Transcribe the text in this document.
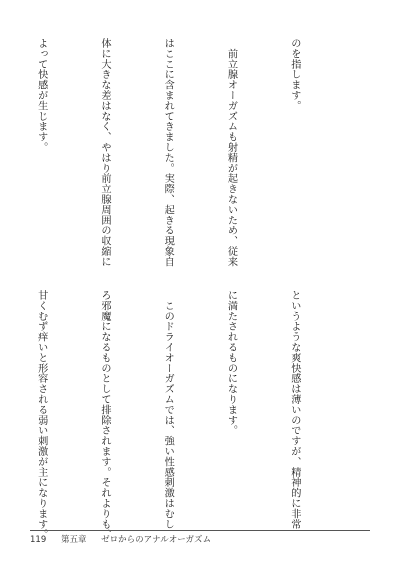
のを指します。

　前立腺オーガズムも射精が起きないため、従来

はここに含まれてきました。実際、起きる現象自

体に大きな差はなく、やはり前立腺周囲の収縮に

よって快感が生じます。

というような爽快感は薄いのですが、精神的に非常

に満たされるものになります。

　このドライオーガズムでは、強い性感刺激はむし

ろ邪魔になるものとして排除されます。それよりも、

甘くむず痒いと形容される弱い刺激が主になります。

119 第五章 ゼロからのアナルオーガズム
